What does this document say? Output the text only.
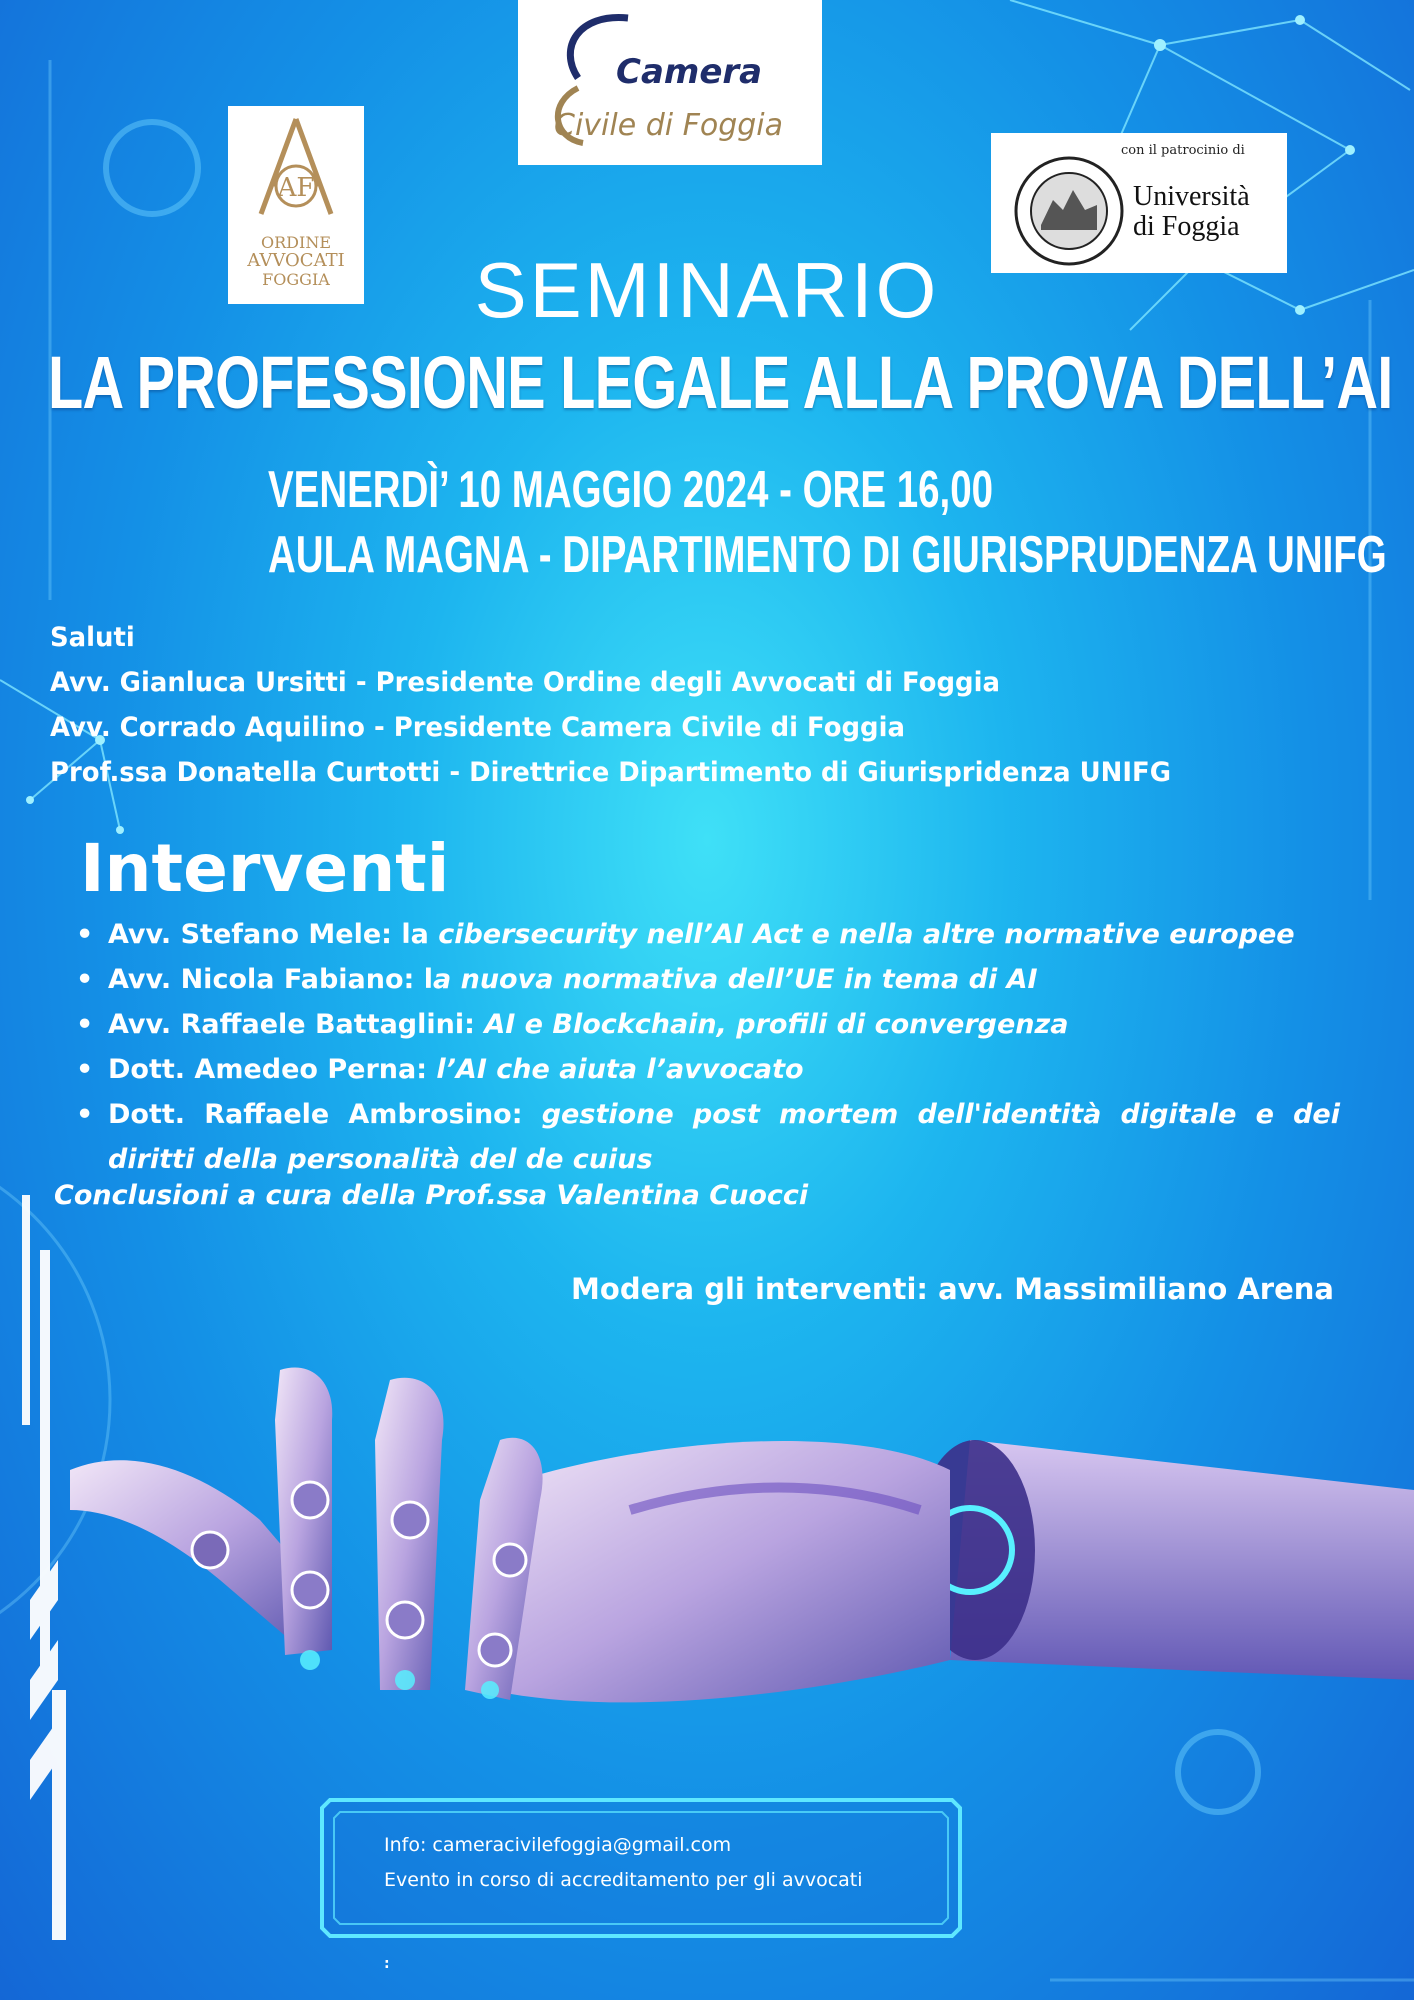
Camera
Civile di Foggia
AF
ORDINE
AVVOCATI
FOGGIA
con il patrocinio di
Università
di Foggia
SEMINARIO
LA PROFESSIONE LEGALE ALLA PROVA DELL’AI
VENERDÌ’ 10 MAGGIO 2024 - ORE 16,00
AULA MAGNA - DIPARTIMENTO DI GIURISPRUDENZA UNIFG
Saluti
Avv. Gianluca Ursitti - Presidente Ordine degli Avvocati di Foggia
Avv. Corrado Aquilino - Presidente Camera Civile di Foggia
Prof.ssa Donatella Curtotti - Direttrice Dipartimento di Giurispridenza UNIFG
Interventi
• Avv. Stefano Mele: la cibersecurity nell’AI Act e nella altre normative europee
• Avv. Nicola Fabiano: la nuova normativa dell’UE in tema di AI
• Avv. Raffaele Battaglini: AI e Blockchain, profili di convergenza
• Dott. Amedeo Perna: l’AI che aiuta l’avvocato
• Dott. Raffaele Ambrosino: gestione post mortem dell'identità digitale e dei diritti della personalità del de cuius
Conclusioni a cura della Prof.ssa Valentina Cuocci
Modera gli interventi: avv. Massimiliano Arena
Info: cameracivilefoggia@gmail.com
Evento in corso di accreditamento per gli avvocati
:
